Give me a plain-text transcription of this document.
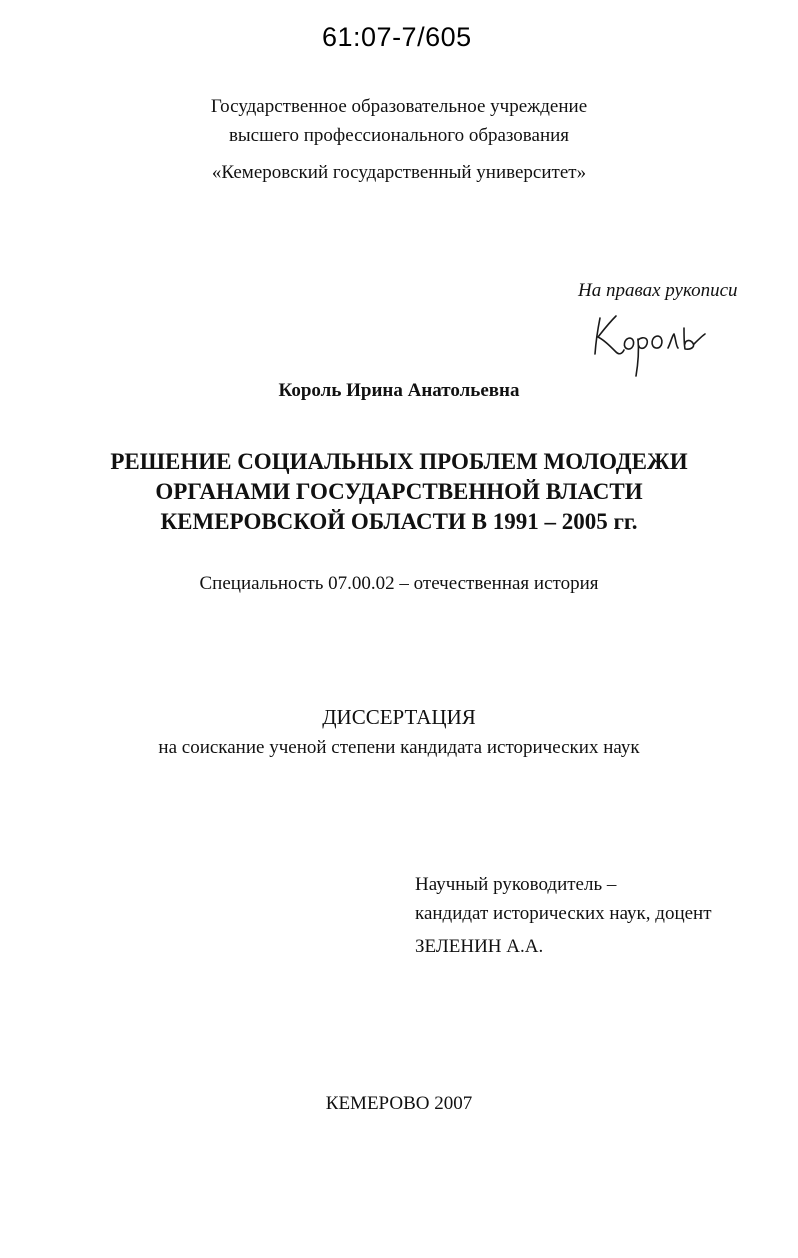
61:07-7/605
Государственное образовательное учреждение
высшего профессионального образования
«Кемеровский государственный университет»
На правах рукописи
Король Ирина Анатольевна
РЕШЕНИЕ СОЦИАЛЬНЫХ ПРОБЛЕМ МОЛОДЕЖИ
ОРГАНАМИ ГОСУДАРСТВЕННОЙ ВЛАСТИ
КЕМЕРОВСКОЙ ОБЛАСТИ В 1991 – 2005 гг.
Специальность 07.00.02 – отечественная история
ДИССЕРТАЦИЯ
на соискание ученой степени кандидата исторических наук
Научный руководитель –
кандидат исторических наук, доцент
ЗЕЛЕНИН А.А.
КЕМЕРОВО 2007
